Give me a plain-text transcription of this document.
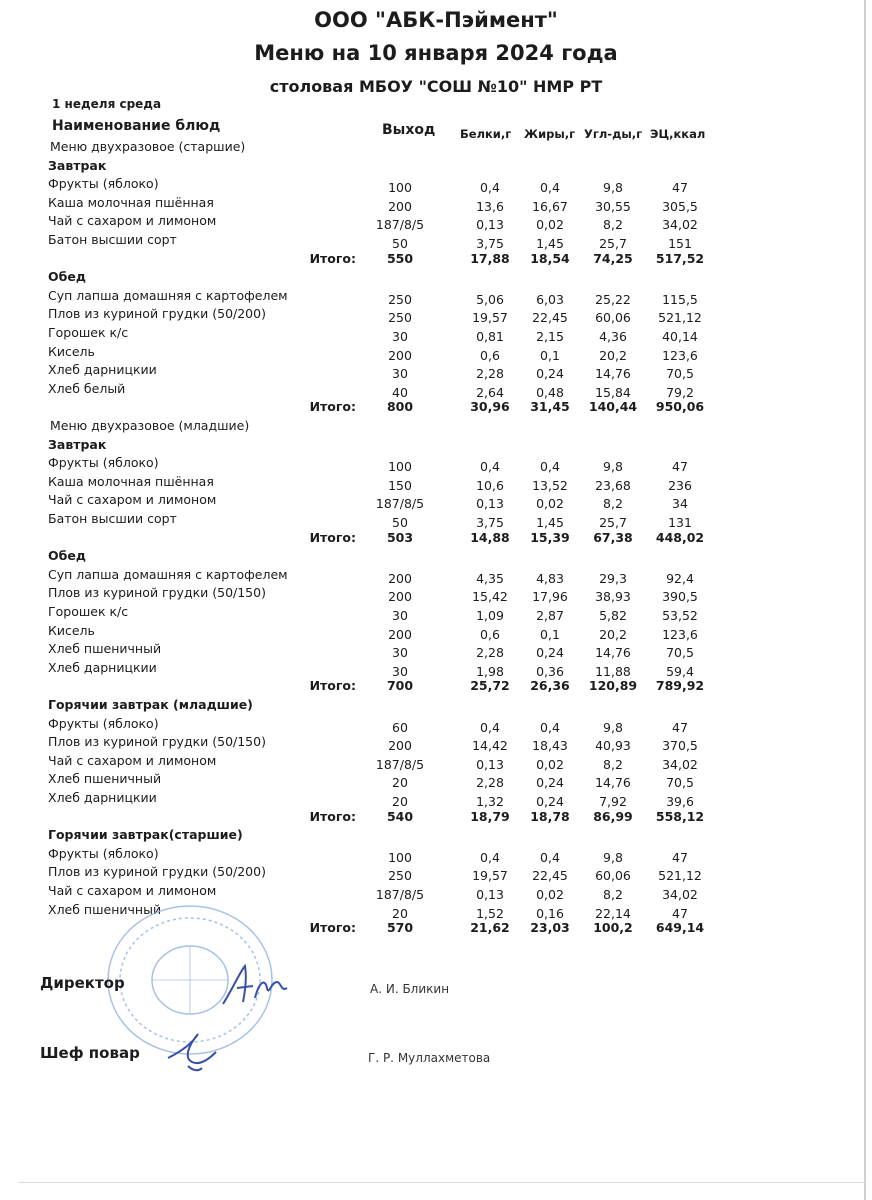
ООО "АБК-Пэймент"
Меню на 10 января 2024 года
столовая МБОУ "СОШ №10" НМР РТ
1 неделя среда
Наименование блюд	Выход Белки,г Жиры,г Угл-ды,г ЭЦ,ккал
Меню двухразовое (старшие)
Завтрак
Фрукты (яблоко)	100	0,4	0,4	9,8	47
Каша молочная пшённая	200	13,6	16,67	30,55	305,5
Чай с сахаром и лимоном	187/8/5	0,13	0,02	8,2	34,02
Батон высшии сорт	50	3,75	1,45	25,7	151
Итого:	550	17,88	18,54	74,25	517,52
Обед
Суп лапша домашняя с картофелем	250	5,06	6,03	25,22	115,5
Плов из куриной грудки (50/200)	250	19,57	22,45	60,06	521,12
Горошек к/с	30	0,81	2,15	4,36	40,14
Кисель	200	0,6	0,1	20,2	123,6
Хлеб дарницкии	30	2,28	0,24	14,76	70,5
Хлеб белый	40	2,64	0,48	15,84	79,2
Итого:	800	30,96	31,45	140,44	950,06
Меню двухразовое (младшие)
Завтрак
Фрукты (яблоко)	100	0,4	0,4	9,8	47
Каша молочная пшённая	150	10,6	13,52	23,68	236
Чай с сахаром и лимоном	187/8/5	0,13	0,02	8,2	34
Батон высшии сорт	50	3,75	1,45	25,7	131
Итого:	503	14,88	15,39	67,38	448,02
Обед
Суп лапша домашняя с картофелем	200	4,35	4,83	29,3	92,4
Плов из куриной грудки (50/150)	200	15,42	17,96	38,93	390,5
Горошек к/с	30	1,09	2,87	5,82	53,52
Кисель	200	0,6	0,1	20,2	123,6
Хлеб пшеничный	30	2,28	0,24	14,76	70,5
Хлеб дарницкии	30	1,98	0,36	11,88	59,4
Итого:	700	25,72	26,36	120,89	789,92
Горячии завтрак (младшие)
Фрукты (яблоко)	60	0,4	0,4	9,8	47
Плов из куриной грудки (50/150)	200	14,42	18,43	40,93	370,5
Чай с сахаром и лимоном	187/8/5	0,13	0,02	8,2	34,02
Хлеб пшеничный	20	2,28	0,24	14,76	70,5
Хлеб дарницкии	20	1,32	0,24	7,92	39,6
Итого:	540	18,79	18,78	86,99	558,12
Горячии завтрак(старшие)
Фрукты (яблоко)	100	0,4	0,4	9,8	47
Плов из куриной грудки (50/200)	250	19,57	22,45	60,06	521,12
Чай с сахаром и лимоном	187/8/5	0,13	0,02	8,2	34,02
Хлеб пшеничный	20	1,52	0,16	22,14	47
Итого:	570	21,62	23,03	100,2	649,14
Директор	А. И. Бликин
Шеф повар	Г. Р. Муллахметова
